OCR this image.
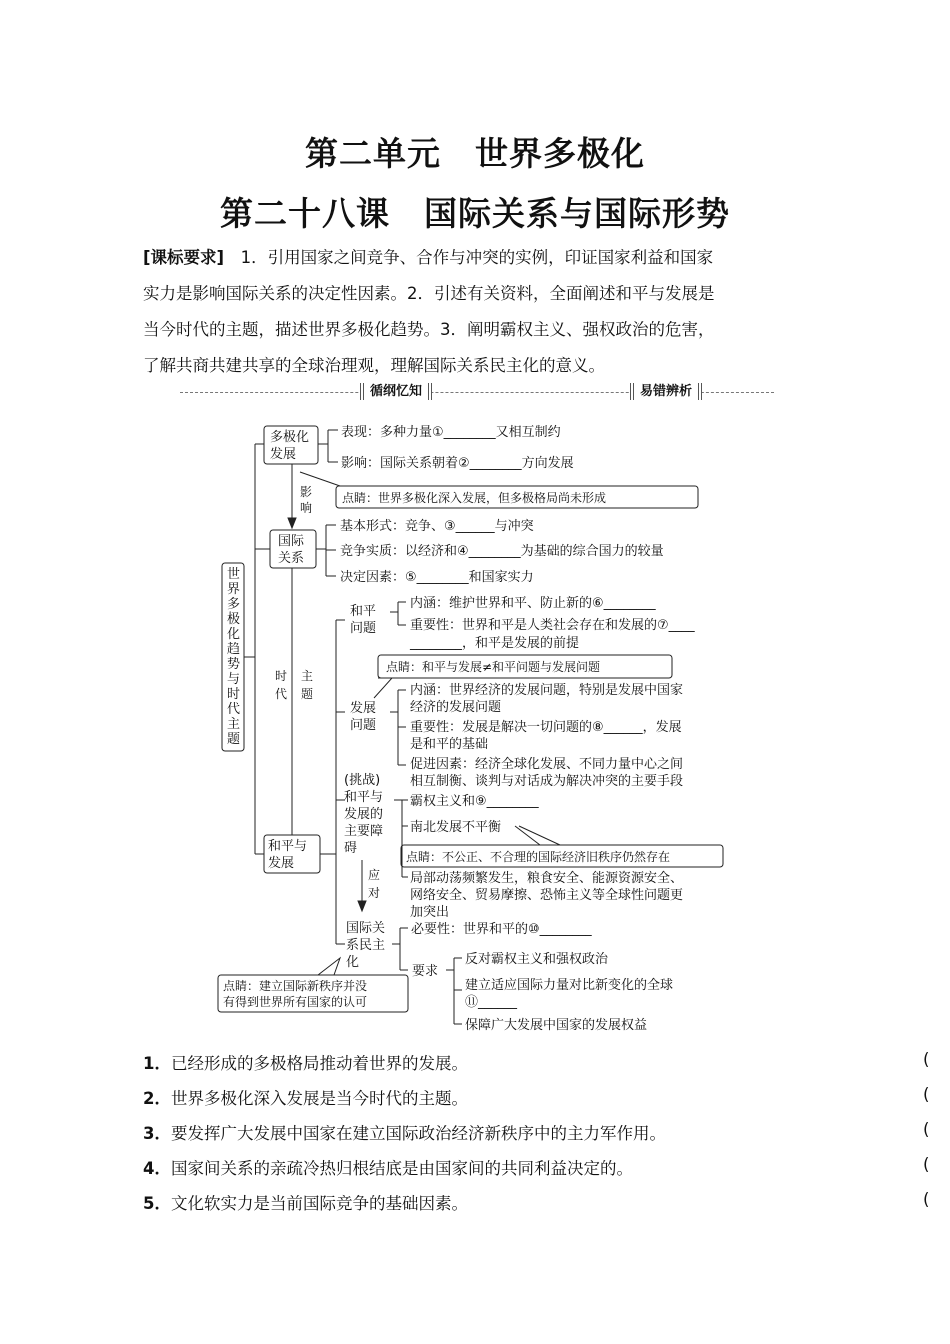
第二单元　世界多极化
第二十八课　国际关系与国际形势
[课标要求]　 1．引用国家之间竞争、合作与冲突的实例，印证国家利益和国家
实力是影响国际关系的决定性因素。2．引述有关资料，全面阐述和平与发展是
当今时代的主题，描述世界多极化趋势。3．阐明霸权主义、强权政治的危害，
了解共商共建共享的全球治理观，理解国际关系民主化的意义。
循纲忆知	易错辨析
世
界
多
极
化
趋
势
与
时
代
主
题
多极化
发展
国际
关系
和平与
发展
影
响
时
代
主
题
表现：多种力量①________又相互制约
影响：国际关系朝着②________方向发展
点睛：世界多极化深入发展，但多极格局尚未形成
基本形式：竞争、③______与冲突
竞争实质：以经济和④________为基础的综合国力的较量
决定因素：⑤________和国家实力
和平
问题
内涵：维护世界和平、防止新的⑥________
重要性：世界和平是人类社会存在和发展的⑦____
________，和平是发展的前提
点睛：和平与发展≠和平问题与发展问题
发展
问题
内涵：世界经济的发展问题，特别是发展中国家
经济的发展问题
重要性：发展是解决一切问题的⑧______，发展
是和平的基础
促进因素：经济全球化发展、不同力量中心之间
相互制衡、谈判与对话成为解决冲突的主要手段
(挑战)
和平与
发展的
主要障
碍
霸权主义和⑨________
南北发展不平衡
点睛：不公正、不合理的国际经济旧秩序仍然存在
局部动荡频繁发生，粮食安全、能源资源安全、
网络安全、贸易摩擦、恐怖主义等全球性问题更
加突出
应
对
国际关
系民主
化
必要性：世界和平的⑩________
要求
反对霸权主义和强权政治
建立适应国际力量对比新变化的全球
⑪______
保障广大发展中国家的发展权益
点睛：建立国际新秩序并没
有得到世界所有国家的认可
1．已经形成的多极格局推动着世界的发展。	(
2．世界多极化深入发展是当今时代的主题。	(
3．要发挥广大发展中国家在建立国际政治经济新秩序中的主力军作用。	(
4．国家间关系的亲疏冷热归根结底是由国家间的共同利益决定的。	(
5．文化软实力是当前国际竞争的基础因素。	(
